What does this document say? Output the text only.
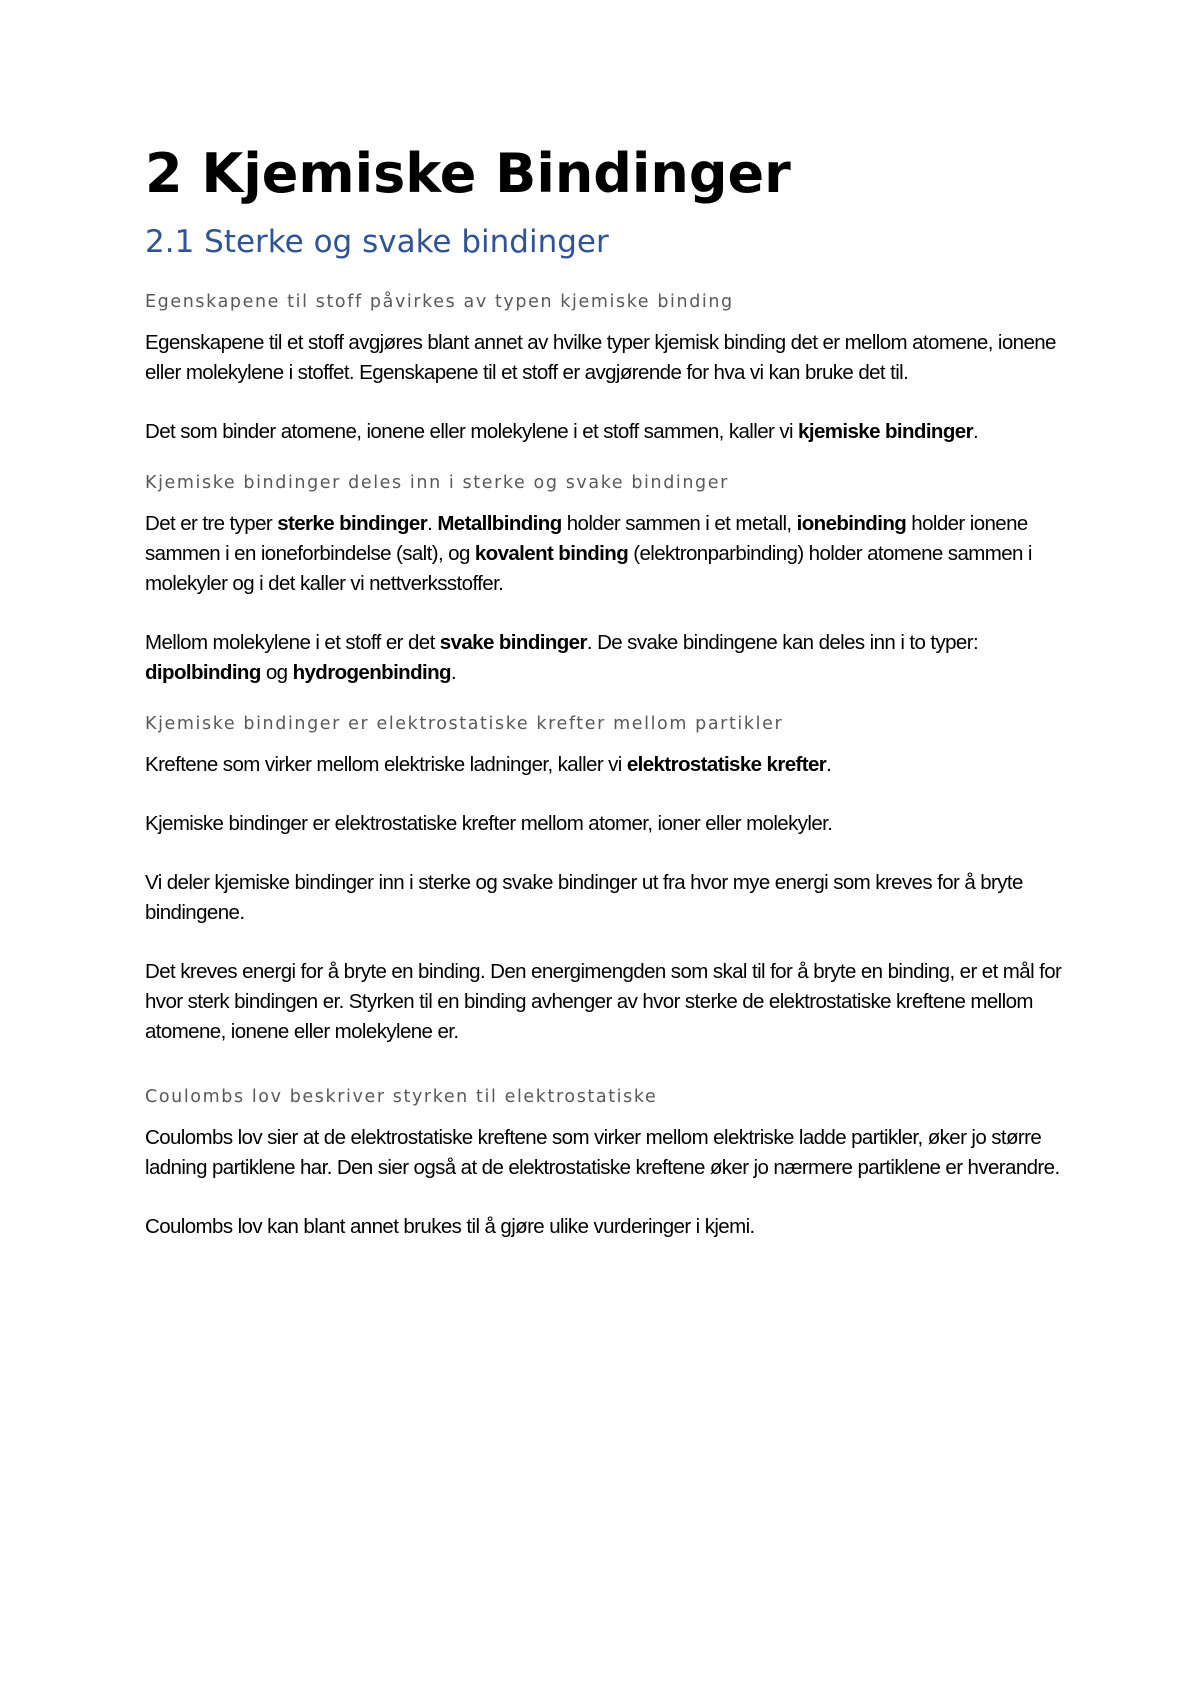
2 Kjemiske Bindinger
2.1 Sterke og svake bindinger

Egenskapene til stoff påvirkes av typen kjemiske binding

Egenskapene til et stoff avgjøres blant annet av hvilke typer kjemisk binding det er mellom atomene, ionene eller molekylene i stoffet. Egenskapene til et stoff er avgjørende for hva vi kan bruke det til.

Det som binder atomene, ionene eller molekylene i et stoff sammen, kaller vi kjemiske bindinger.

Kjemiske bindinger deles inn i sterke og svake bindinger

Det er tre typer sterke bindinger. Metallbinding holder sammen i et metall, ionebinding holder ionene sammen i en ioneforbindelse (salt), og kovalent binding (elektronparbinding) holder atomene sammen i molekyler og i det kaller vi nettverksstoffer.

Mellom molekylene i et stoff er det svake bindinger. De svake bindingene kan deles inn i to typer: dipolbinding og hydrogenbinding.

Kjemiske bindinger er elektrostatiske krefter mellom partikler

Kreftene som virker mellom elektriske ladninger, kaller vi elektrostatiske krefter.

Kjemiske bindinger er elektrostatiske krefter mellom atomer, ioner eller molekyler.

Vi deler kjemiske bindinger inn i sterke og svake bindinger ut fra hvor mye energi som kreves for å bryte bindingene.

Det kreves energi for å bryte en binding. Den energimengden som skal til for å bryte en binding, er et mål for hvor sterk bindingen er. Styrken til en binding avhenger av hvor sterke de elektrostatiske kreftene mellom atomene, ionene eller molekylene er.

Coulombs lov beskriver styrken til elektrostatiske

Coulombs lov sier at de elektrostatiske kreftene som virker mellom elektriske ladde partikler, øker jo større ladning partiklene har. Den sier også at de elektrostatiske kreftene øker jo nærmere partiklene er hverandre.

Coulombs lov kan blant annet brukes til å gjøre ulike vurderinger i kjemi.
